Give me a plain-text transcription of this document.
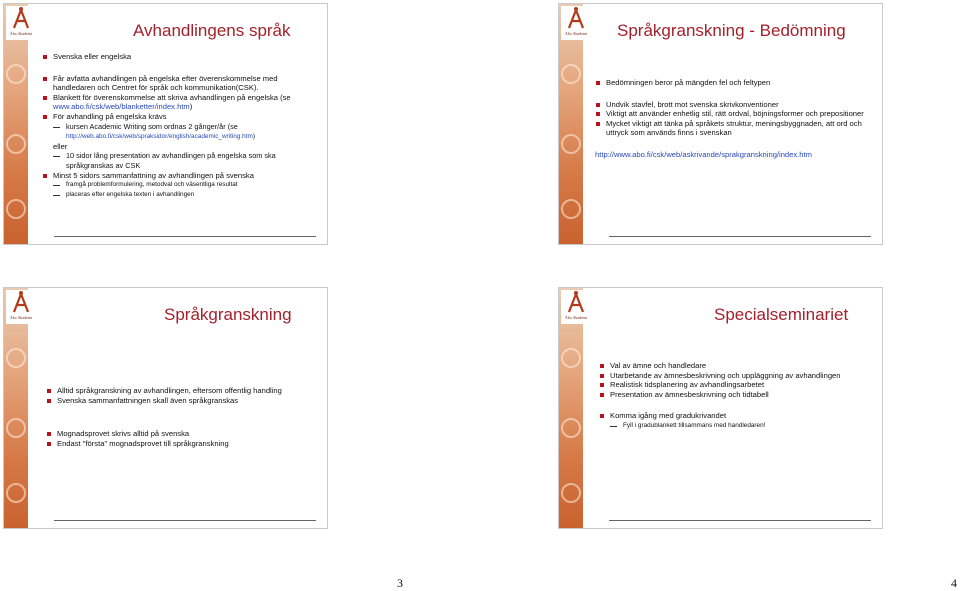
Åbo Akademi	Avhandlingens språk

Svenska eller engelska

Får avfatta avhandlingen på engelska efter överenskommelse med handledaren och Centret för språk och kommunikation(CSK).

Blankett för överenskommelse att skriva avhandlingen på engelska (se www.abo.fi/csk/web/blanketter/index.htm)

För avhandling på engelska krävs

kursen Academic Writing som ordnas 2 gånger/år (se
http://web.abo.fi/csk/web/spraksidor/english/academic_writing.htm)

eller

10 sidor lång presentation av avhandlingen på engelska som ska språkgranskas av CSK

Minst 5 sidors sammanfattning av avhandlingen på svenska

framgå problemformulering, metodval och väsentliga resultat

placeras efter engelska texten i avhandlingen

Åbo Akademi Språkgranskning - Bedömning

Bedömningen beror på mängden fel och feltypen

Undvik stavfel, brott mot svenska skrivkonventioner

Viktigt att använder enhetlig stil, rätt ordval, böjningsformer och prepositioner

Mycket viktigt att tänka på språkets struktur, meningsbyggnaden, att ord och uttryck som används finns i svenskan

http://www.abo.fi/csk/web/askrivande/sprakgranskning/index.htm

Åbo Akademi	Språkgranskning

Alltid språkgranskning av avhandlingen, eftersom offentlig handling

Svenska sammanfattningen skall även språkgranskas

Mognadsprovet skrivs alltid på svenska

Endast "första" mognadsprovet till språkgranskning

Åbo Akademi	Specialseminariet

Val av ämne och handledare

Utarbetande av ämnesbeskrivning och uppläggning av avhandlingen

Realistisk tidsplanering av avhandlingsarbetet

Presentation av ämnesbeskrivning och tidtabell

Komma igång med gradukrivandet

Fyll i gradublankett tillsammans med handledaren!

3	4
